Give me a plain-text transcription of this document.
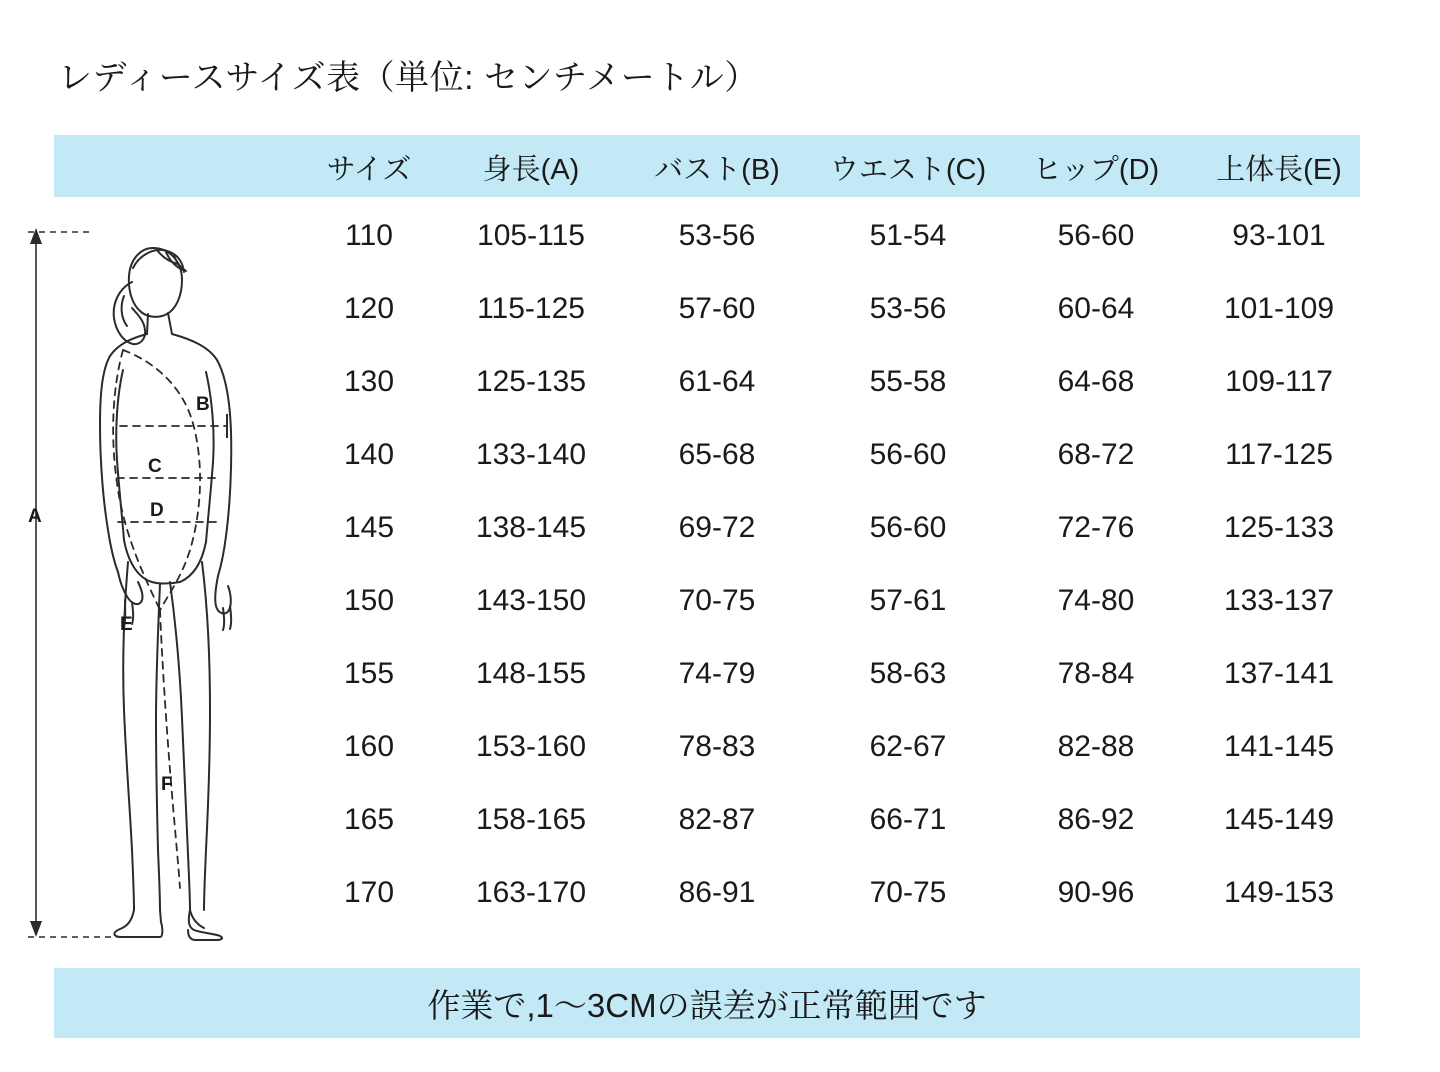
レディースサイズ表（単位: センチメートル）
サイズ	身長(A)	バスト(B)	ウエスト(C)	ヒップ(D)	上体長(E)
110	105-115	53-56	51-54	56-60	93-101
120	115-125	57-60	53-56	60-64	101-109
130	125-135	61-64	55-58	64-68	109-117
140	133-140	65-68	56-60	68-72	117-125
145	138-145	69-72	56-60	72-76	125-133
150	143-150	70-75	57-61	74-80	133-137
155	148-155	74-79	58-63	78-84	137-141
160	153-160	78-83	62-67	82-88	141-145
165	158-165	82-87	66-71	86-92	145-149
170	163-170	86-91	70-75	90-96	149-153
A
B
C
D
E
F
作業で,1～3CMの誤差が正常範囲です
